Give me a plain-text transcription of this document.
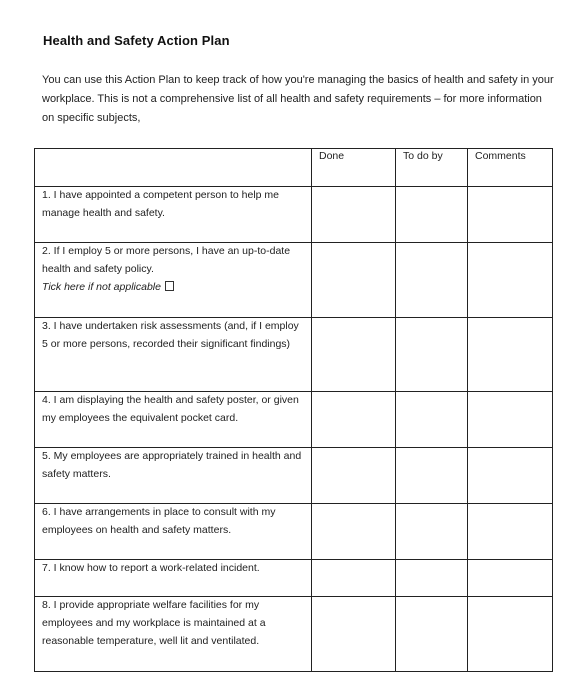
Health and Safety Action Plan
You can use this Action Plan to keep track of how you're managing the basics of health and safety in your workplace. This is not a comprehensive list of all health and safety requirements – for more information on specific subjects,

	Done	To do by	Comments

1. I have appointed a competent person to help me manage health and safety.			

2. If I employ 5 or more persons, I have an up-to-date health and safety policy.
Tick here if not applicable			

3. I have undertaken risk assessments (and, if I employ 5 or more persons, recorded their significant findings)			

4. I am displaying the health and safety poster, or given my employees the equivalent pocket card.			

5. My employees are appropriately trained in health and safety matters.			

6. I have arrangements in place to consult with my employees on health and safety matters.			

7. I know how to report a work-related incident.			

8. I provide appropriate welfare facilities for my employees and my workplace is maintained at a reasonable temperature, well lit and ventilated.			
